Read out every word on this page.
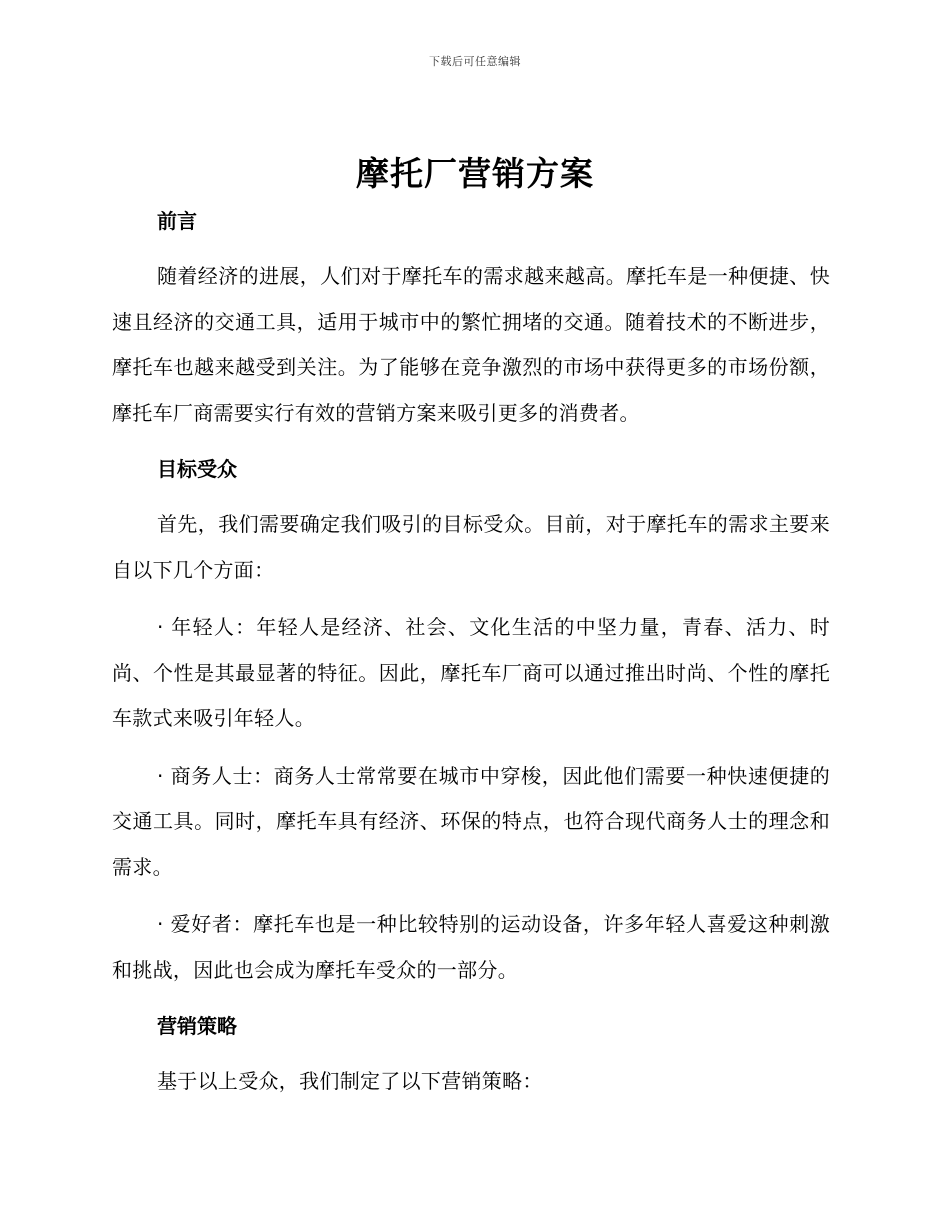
下载后可任意编辑
摩托厂营销方案
前言

随着经济的进展，人们对于摩托车的需求越来越高。摩托车是一种便捷、快速且经济的交通工具，适用于城市中的繁忙拥堵的交通。随着技术的不断进步，摩托车也越来越受到关注。为了能够在竞争激烈的市场中获得更多的市场份额，摩托车厂商需要实行有效的营销方案来吸引更多的消费者。

目标受众

首先，我们需要确定我们吸引的目标受众。目前，对于摩托车的需求主要来自以下几个方面：

· 年轻人：年轻人是经济、社会、文化生活的中坚力量，青春、活力、时尚、个性是其最显著的特征。因此，摩托车厂商可以通过推出时尚、个性的摩托车款式来吸引年轻人。

· 商务人士：商务人士常常要在城市中穿梭，因此他们需要一种快速便捷的交通工具。同时，摩托车具有经济、环保的特点，也符合现代商务人士的理念和需求。

· 爱好者：摩托车也是一种比较特别的运动设备，许多年轻人喜爱这种刺激和挑战，因此也会成为摩托车受众的一部分。

营销策略

基于以上受众，我们制定了以下营销策略：
